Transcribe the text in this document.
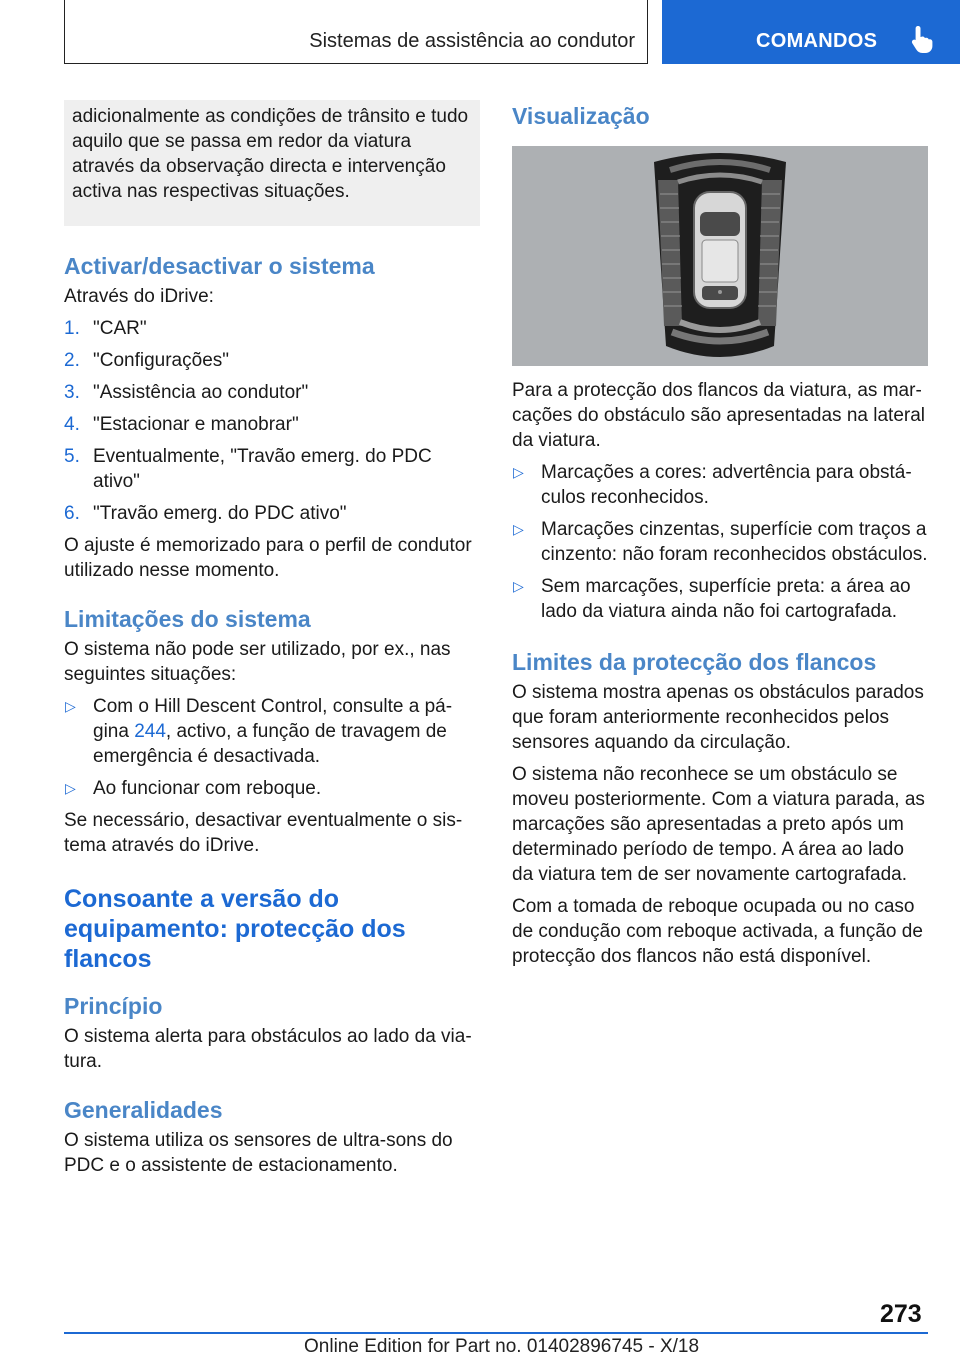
Sistemas de assistência ao condutor	COMANDOS
adicionalmente as condições de trânsito e tudo aquilo que se passa em redor da viatura através da observação directa e intervenção activa nas respectivas situações.
Activar/desactivar o sistema

Através do iDrive:

1. "CAR"
2. "Configurações"
3. "Assistência ao condutor"
4. "Estacionar e manobrar"
5. Eventualmente, "Travão emerg. do PDC ativo"
6. "Travão emerg. do PDC ativo"

O ajuste é memorizado para o perfil de condutor utilizado nesse momento.

Limitações do sistema

O sistema não pode ser utilizado, por ex., nas seguintes situações:

▷ Com o Hill Descent Control, consulte a página 244, activo, a função de travagem de emergência é desactivada.
▷ Ao funcionar com reboque.

Se necessário, desactivar eventualmente o sistema através do iDrive.

Consoante a versão do equipamento: protecção dos flancos
Princípio

O sistema alerta para obstáculos ao lado da viatura.

Generalidades

O sistema utiliza os sensores de ultra-sons do PDC e o assistente de estacionamento.

Visualização

Para a protecção dos flancos da viatura, as marcações do obstáculo são apresentadas na lateral da viatura.

▷ Marcações a cores: advertência para obstáculos reconhecidos.
▷ Marcações cinzentas, superfície com traços a cinzento: não foram reconhecidos obstáculos.
▷ Sem marcações, superfície preta: a área ao lado da viatura ainda não foi cartografada.
Limites da protecção dos flancos

O sistema mostra apenas os obstáculos parados que foram anteriormente reconhecidos pelos sensores aquando da circulação.

O sistema não reconhece se um obstáculo se moveu posteriormente. Com a viatura parada, as marcações são apresentadas a preto após um determinado período de tempo. A área ao lado da viatura tem de ser novamente cartografada.

Com a tomada de reboque ocupada ou no caso de condução com reboque activada, a função de protecção dos flancos não está disponível.

273
Online Edition for Part no. 01402896745 - X/18
